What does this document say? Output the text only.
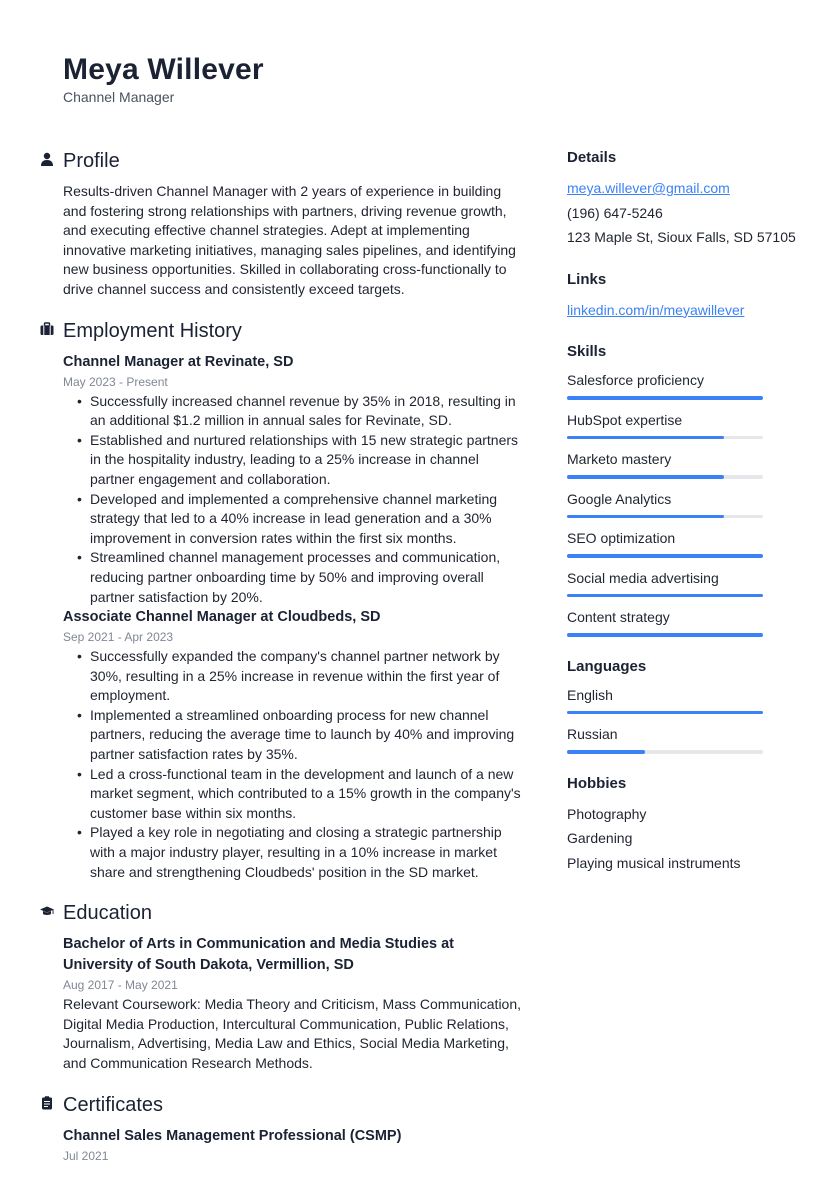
Meya Willever
Channel Manager
Profile
Results-driven Channel Manager with 2 years of experience in building and fostering strong relationships with partners, driving revenue growth, and executing effective channel strategies. Adept at implementing innovative marketing initiatives, managing sales pipelines, and identifying new business opportunities. Skilled in collaborating cross-functionally to drive channel success and consistently exceed targets.
Employment History
Channel Manager at Revinate, SD
May 2023 - Present
• Successfully increased channel revenue by 35% in 2018, resulting in an additional $1.2 million in annual sales for Revinate, SD.
• Established and nurtured relationships with 15 new strategic partners in the hospitality industry, leading to a 25% increase in channel partner engagement and collaboration.
• Developed and implemented a comprehensive channel marketing strategy that led to a 40% increase in lead generation and a 30% improvement in conversion rates within the first six months.
• Streamlined channel management processes and communication, reducing partner onboarding time by 50% and improving overall partner satisfaction by 20%.
Associate Channel Manager at Cloudbeds, SD
Sep 2021 - Apr 2023
• Successfully expanded the company's channel partner network by 30%, resulting in a 25% increase in revenue within the first year of employment.
• Implemented a streamlined onboarding process for new channel partners, reducing the average time to launch by 40% and improving partner satisfaction rates by 35%.
• Led a cross-functional team in the development and launch of a new market segment, which contributed to a 15% growth in the company's customer base within six months.
• Played a key role in negotiating and closing a strategic partnership with a major industry player, resulting in a 10% increase in market share and strengthening Cloudbeds' position in the SD market.
Education
Bachelor of Arts in Communication and Media Studies at University of South Dakota, Vermillion, SD
Aug 2017 - May 2021
Relevant Coursework: Media Theory and Criticism, Mass Communication, Digital Media Production, Intercultural Communication, Public Relations, Journalism, Advertising, Media Law and Ethics, Social Media Marketing, and Communication Research Methods.
Certificates
Channel Sales Management Professional (CSMP)
Jul 2021
Details
meya.willever@gmail.com
(196) 647-5246
123 Maple St, Sioux Falls, SD 57105
Links
linkedin.com/in/meyawillever
Skills
Salesforce proficiency
HubSpot expertise
Marketo mastery
Google Analytics
SEO optimization
Social media advertising
Content strategy
Languages
English
Russian
Hobbies
Photography
Gardening
Playing musical instruments
